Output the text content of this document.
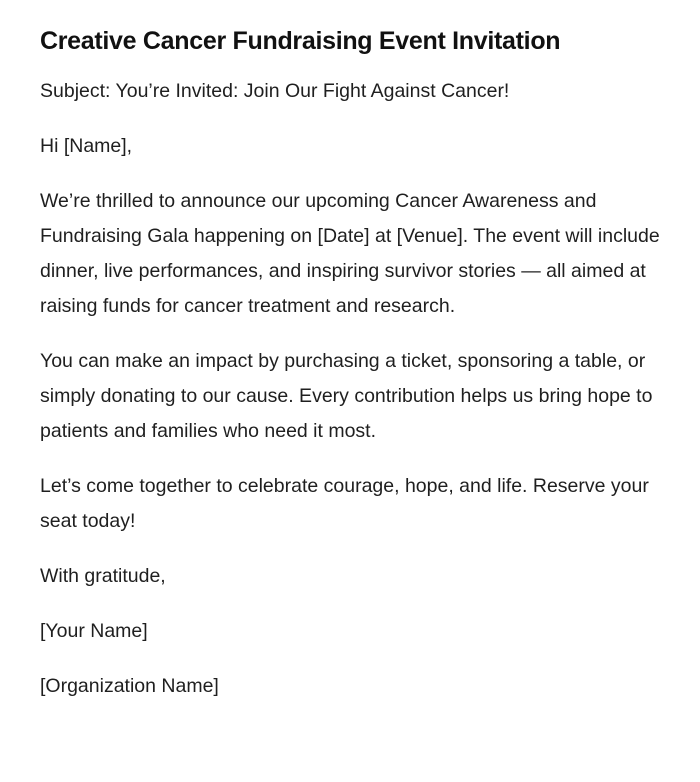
Creative Cancer Fundraising Event Invitation

Subject: You’re Invited: Join Our Fight Against Cancer!

Hi [Name],

We’re thrilled to announce our upcoming Cancer Awareness and Fundraising Gala happening on [Date] at [Venue]. The event will include dinner, live performances, and inspiring survivor stories — all aimed at raising funds for cancer treatment and research.

You can make an impact by purchasing a ticket, sponsoring a table, or simply donating to our cause. Every contribution helps us bring hope to patients and families who need it most.

Let’s come together to celebrate courage, hope, and life. Reserve your seat today!

With gratitude,

[Your Name]

[Organization Name]
